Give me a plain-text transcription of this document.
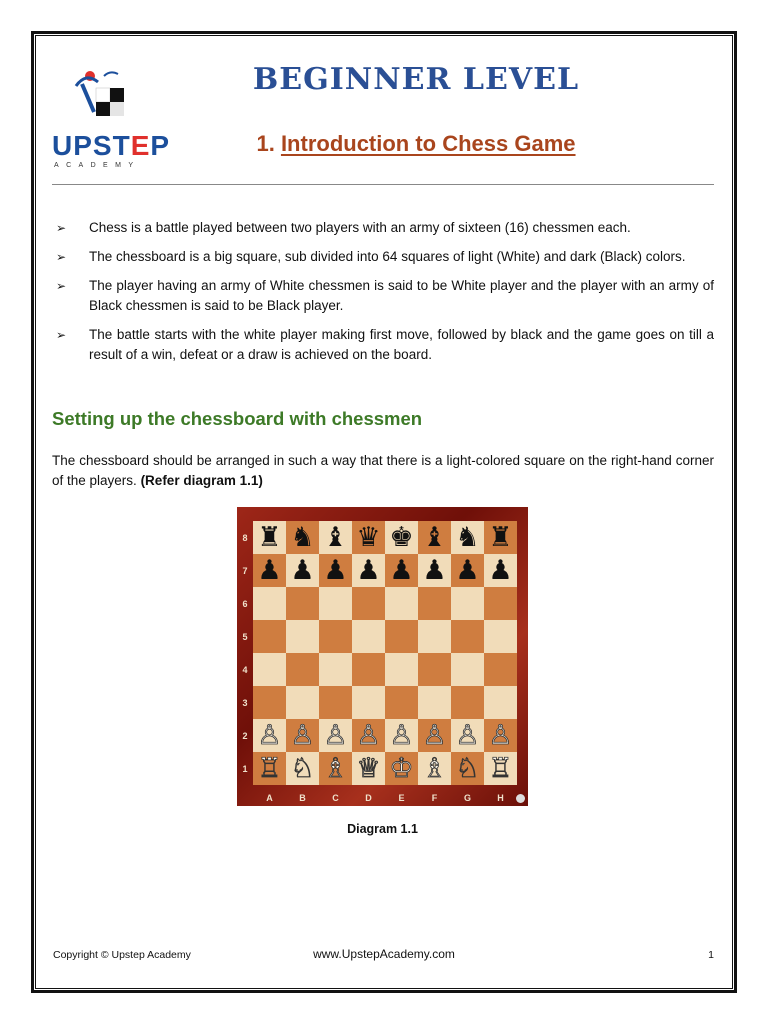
UPSTEP
ACADEMY
BEGINNER LEVEL
1. Introduction to Chess Game
➢ Chess is a battle played between two players with an army of sixteen (16) chessmen each.
➢ The chessboard is a big square, sub divided into 64 squares of light (White) and dark (Black) colors.
➢ The player having an army of White chessmen is said to be White player and the player with an army of Black chessmen is said to be Black player.
➢ The battle starts with the white player making first move, followed by black and the game goes on till a result of a win, defeat or a draw is achieved on the board.
Setting up the chessboard with chessmen
The chessboard should be arranged in such a way that there is a light-colored square on the right-hand corner of the players. (Refer diagram 1.1)
♜ ♞ ♝ ♛ ♚ ♝ ♞ ♜
♟ ♟ ♟ ♟ ♟ ♟ ♟ ♟
♙ ♙ ♙ ♙ ♙ ♙ ♙ ♙
♖ ♘ ♗ ♕ ♔ ♗ ♘ ♖
8
7
6
5
4
3
2
1
A	B	C	D	E	F	G	H
Diagram 1.1
Copyright © Upstep Academy	www.UpstepAcademy.com	1
